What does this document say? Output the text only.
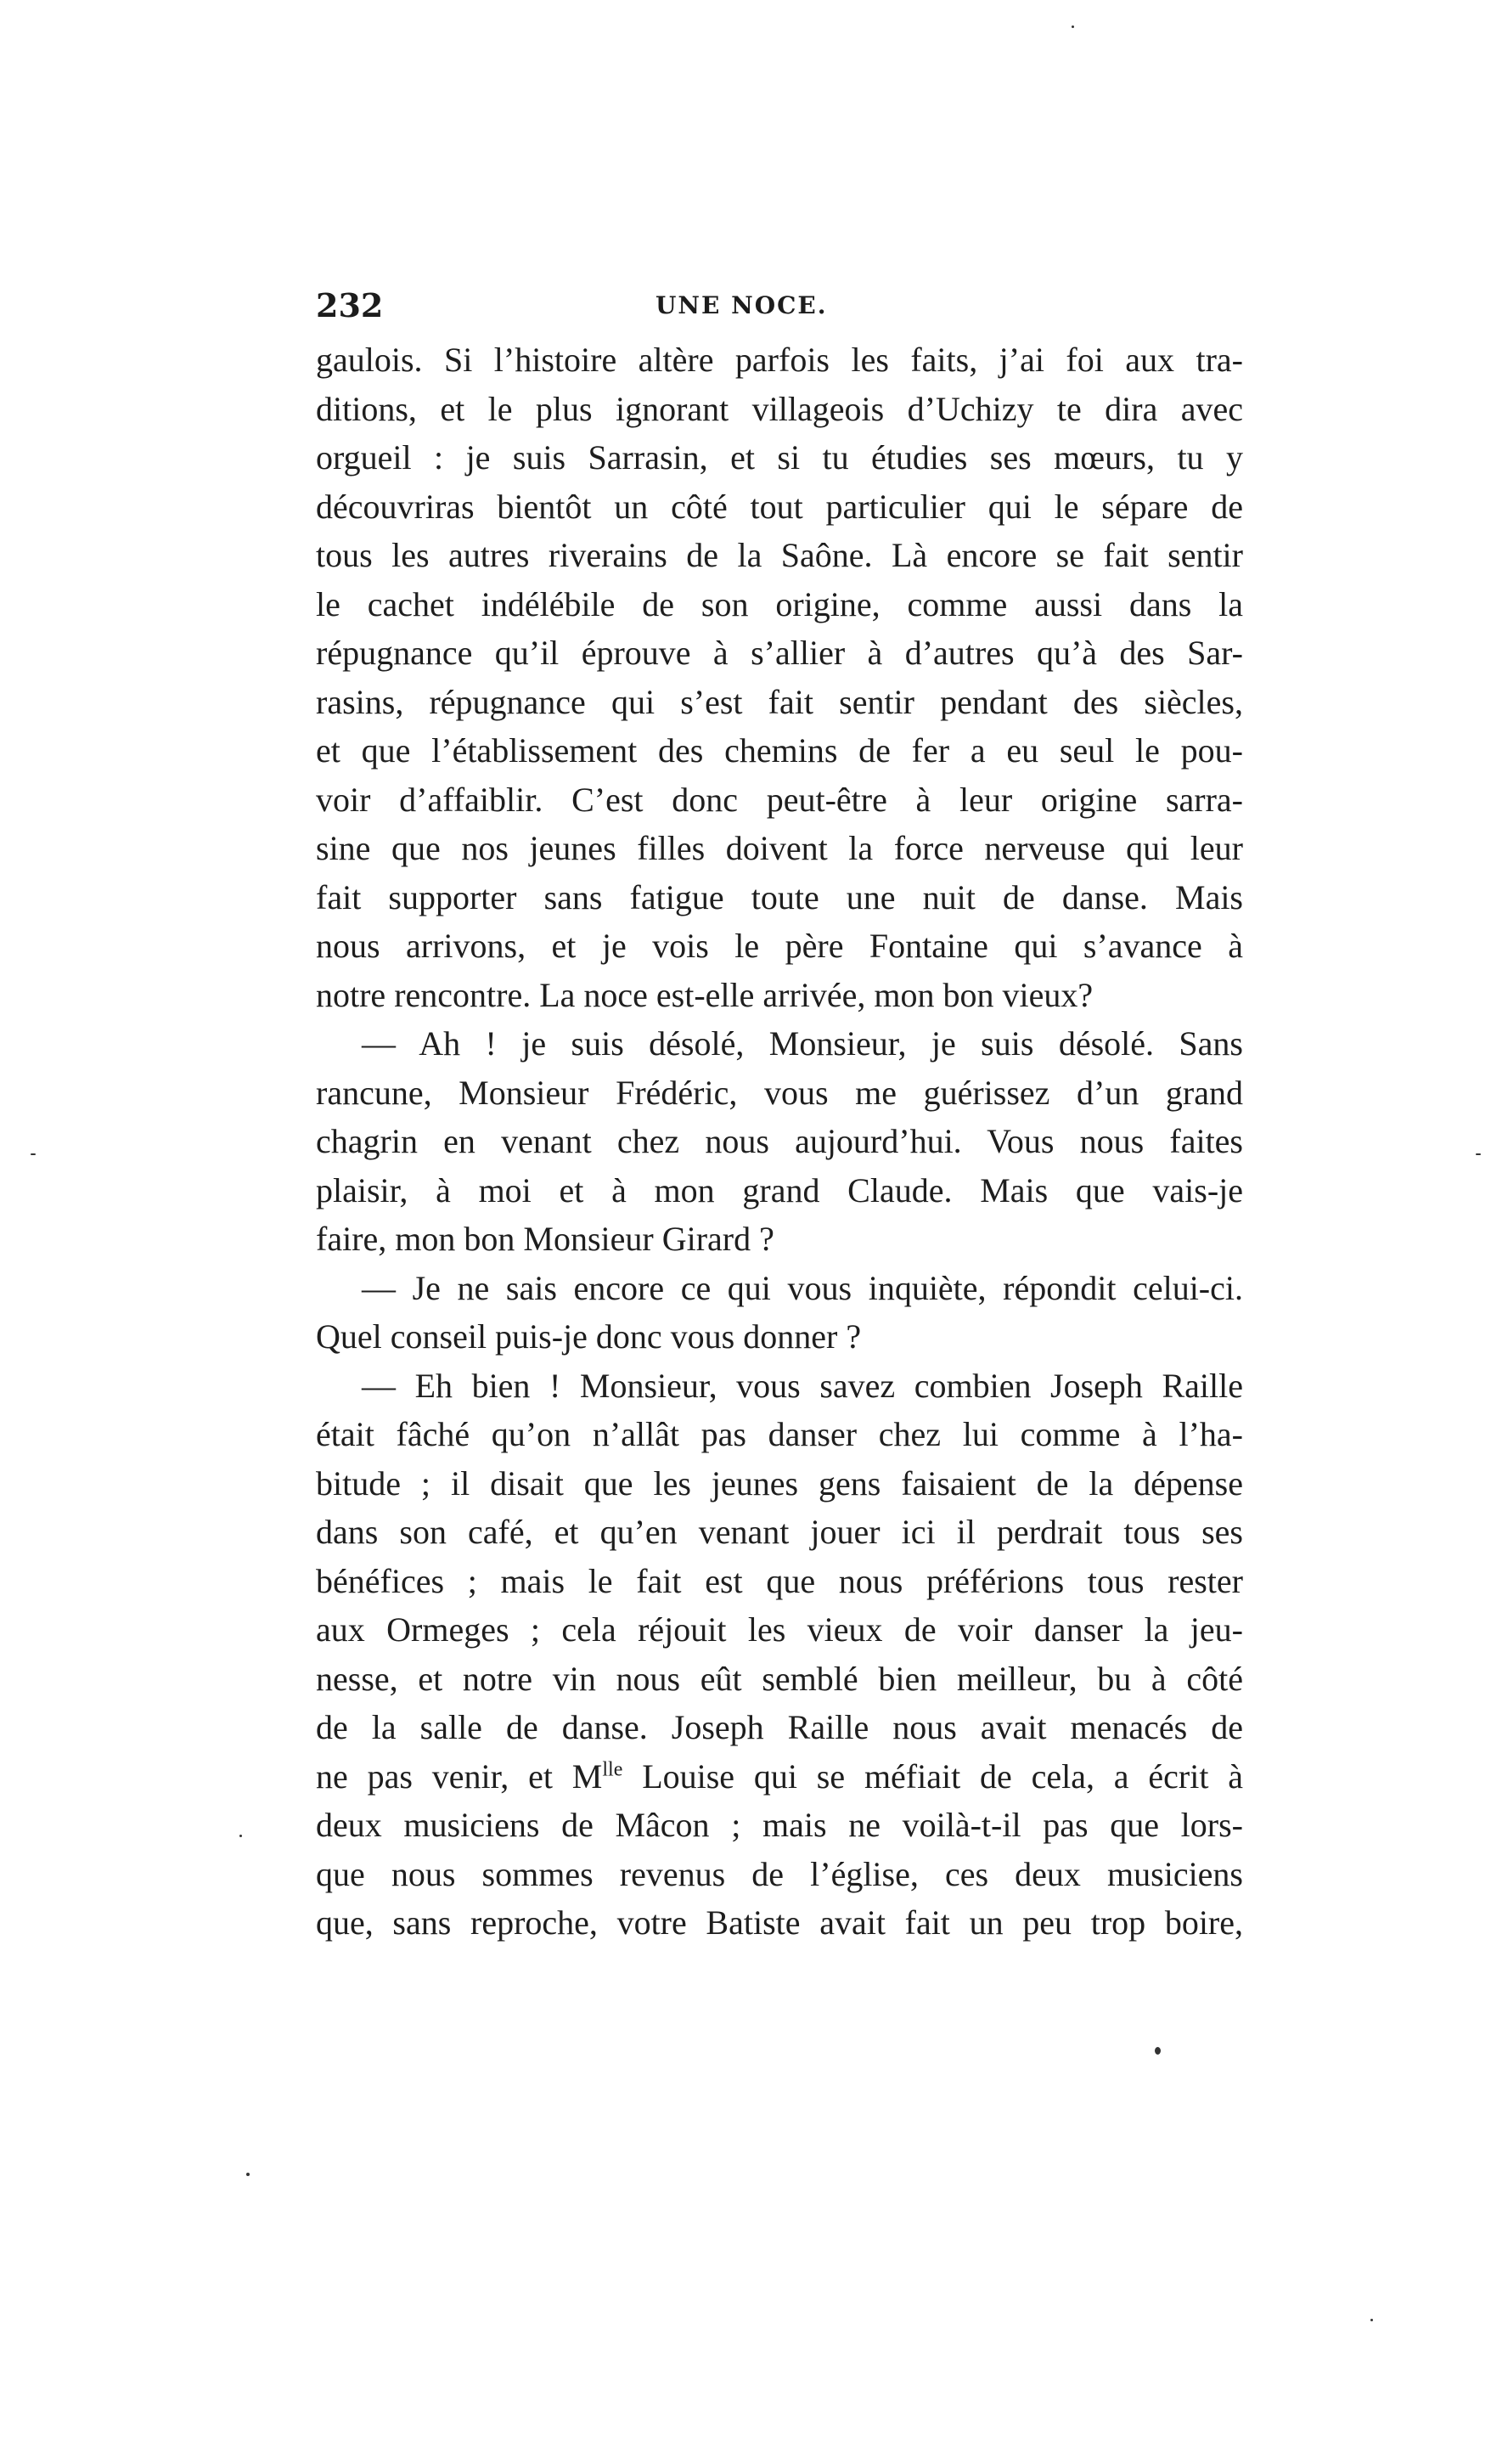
232	UNE NOCE.
gaulois. Si l’histoire altère parfois les faits, j’ai foi aux tra-
ditions, et le plus ignorant villageois d’Uchizy te dira avec
orgueil : je suis Sarrasin, et si tu étudies ses mœurs, tu y
découvriras bientôt un côté tout particulier qui le sépare de
tous les autres riverains de la Saône. Là encore se fait sentir
le cachet indélébile de son origine, comme aussi dans la
répugnance qu’il éprouve à s’allier à d’autres qu’à des Sar-
rasins, répugnance qui s’est fait sentir pendant des siècles,
et que l’établissement des chemins de fer a eu seul le pou-
voir d’affaiblir. C’est donc peut-être à leur origine sarra-
sine que nos jeunes filles doivent la force nerveuse qui leur
fait supporter sans fatigue toute une nuit de danse. Mais
nous arrivons, et je vois le père Fontaine qui s’avance à
notre rencontre. La noce est-elle arrivée, mon bon vieux?
— Ah ! je suis désolé, Monsieur, je suis désolé. Sans
rancune, Monsieur Frédéric, vous me guérissez d’un grand
chagrin en venant chez nous aujourd’hui. Vous nous faites
plaisir, à moi et à mon grand Claude. Mais que vais-je
faire, mon bon Monsieur Girard ?
— Je ne sais encore ce qui vous inquiète, répondit celui-ci.
Quel conseil puis-je donc vous donner ?
— Eh bien ! Monsieur, vous savez combien Joseph Raille
était fâché qu’on n’allât pas danser chez lui comme à l’ha-
bitude ; il disait que les jeunes gens faisaient de la dépense
dans son café, et qu’en venant jouer ici il perdrait tous ses
bénéfices ; mais le fait est que nous préférions tous rester
aux Ormeges ; cela réjouit les vieux de voir danser la jeu-
nesse, et notre vin nous eût semblé bien meilleur, bu à côté
de la salle de danse. Joseph Raille nous avait menacés de
ne pas venir, et $M^{lle}$ Louise qui se méfiait de cela, a écrit à
deux musiciens de Mâcon ; mais ne voilà-t-il pas que lors-
que nous sommes revenus de l’église, ces deux musiciens
que, sans reproche, votre Batiste avait fait un peu trop boire,
